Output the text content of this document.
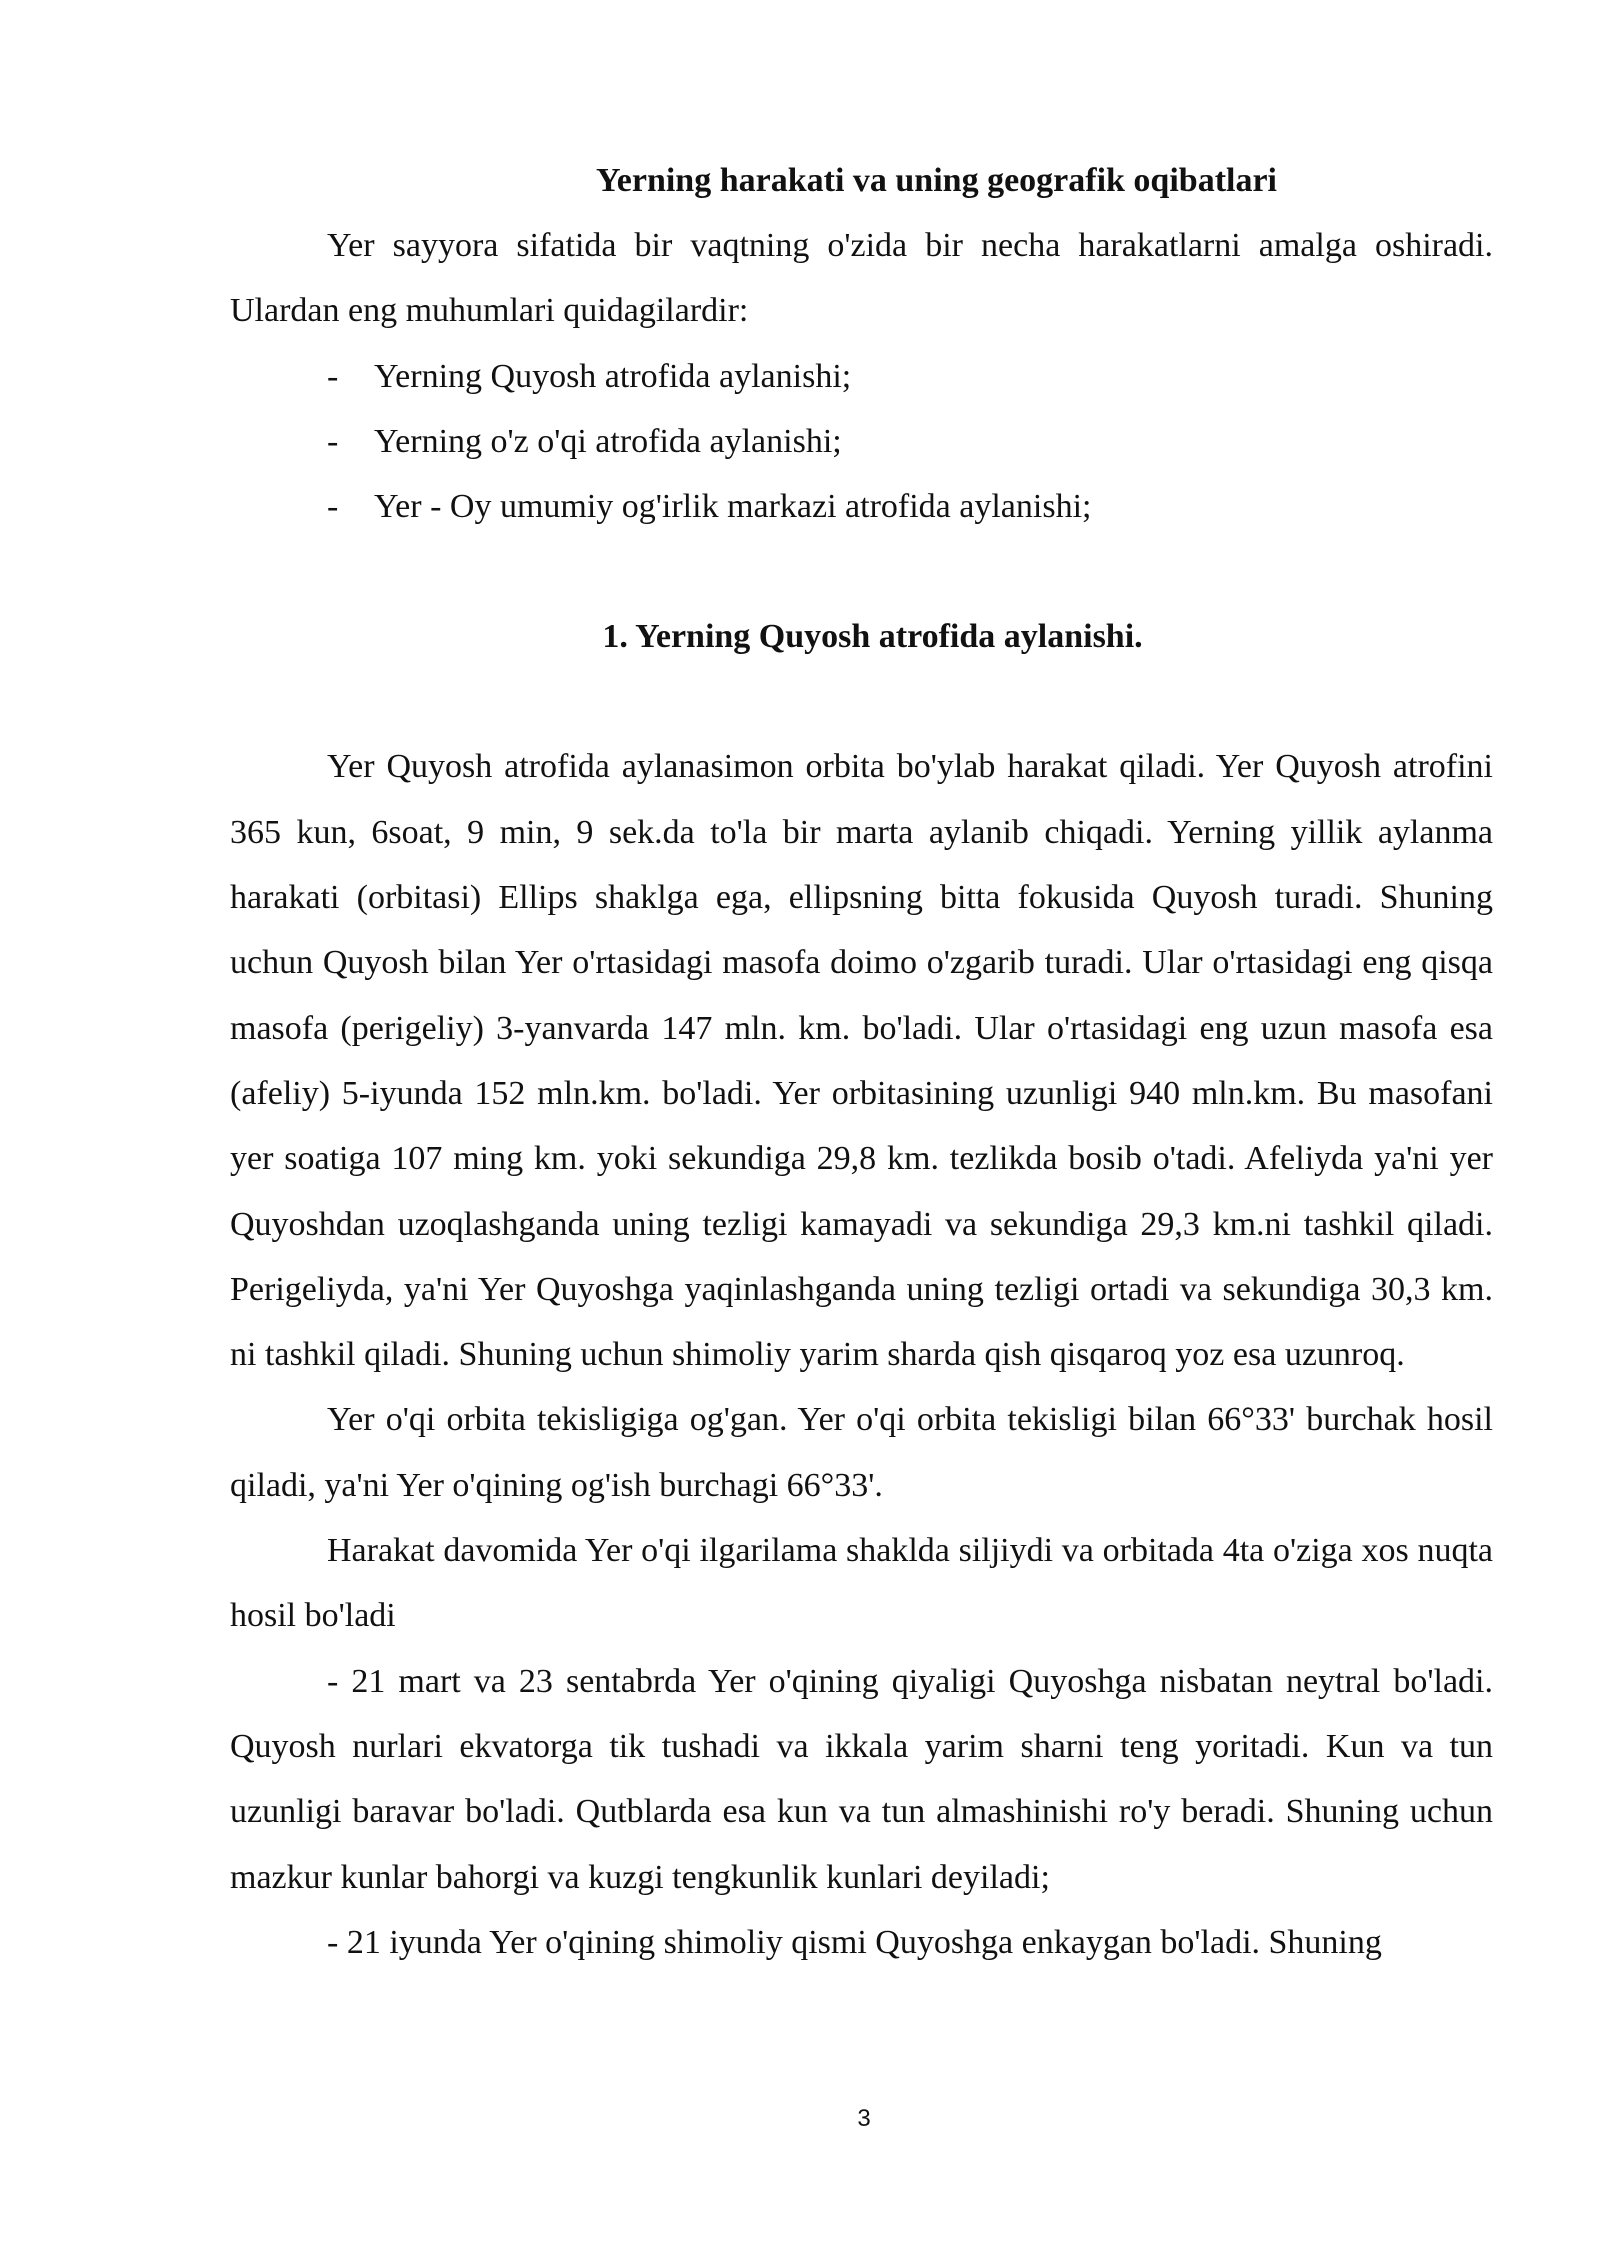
Yerning harakati va uning geografik oqibatlari

Yer sayyora sifatida bir vaqtning o'zida bir necha harakatlarni amalga oshiradi. Ulardan eng muhumlari quidagilardir:

- Yerning Quyosh atrofida aylanishi;
- Yerning o'z o'qi atrofida aylanishi;
- Yer - Oy umumiy og'irlik markazi atrofida aylanishi;
1. Yerning Quyosh atrofida aylanishi.

Yer Quyosh atrofida aylanasimon orbita bo'ylab harakat qiladi. Yer Quyosh atrofini 365 kun, 6soat, 9 min, 9 sek.da to'la bir marta aylanib chiqadi. Yerning yillik aylanma harakati (orbitasi) Ellips shaklga ega, ellipsning bitta fokusida Quyosh turadi. Shuning uchun Quyosh bilan Yer o'rtasidagi masofa doimo o'zgarib turadi. Ular o'rtasidagi eng qisqa masofa (perigeliy) 3-yanvarda 147 mln. km. bo'ladi. Ular o'rtasidagi eng uzun masofa esa (afeliy) 5-iyunda 152 mln.km. bo'ladi. Yer orbitasining uzunligi 940 mln.km. Bu masofani yer soatiga 107 ming km. yoki sekundiga 29,8 km. tezlikda bosib o'tadi. Afeliyda ya'ni yer Quyoshdan uzoqlashganda uning tezligi kamayadi va sekundiga 29,3 km.ni tashkil qiladi. Perigeliyda, ya'ni Yer Quyoshga yaqinlashganda uning tezligi ortadi va sekundiga 30,3 km. ni tashkil qiladi. Shuning uchun shimoliy yarim sharda qish qisqaroq yoz esa uzunroq.

Yer o'qi orbita tekisligiga og'gan. Yer o'qi orbita tekisligi bilan 66°33' burchak hosil qiladi, ya'ni Yer o'qining og'ish burchagi 66°33'.

Harakat davomida Yer o'qi ilgarilama shaklda siljiydi va orbitada 4ta o'ziga xos nuqta hosil bo'ladi

- 21 mart va 23 sentabrda Yer o'qining qiyaligi Quyoshga nisbatan neytral bo'ladi. Quyosh nurlari ekvatorga tik tushadi va ikkala yarim sharni teng yoritadi. Kun va tun uzunligi baravar bo'ladi. Qutblarda esa kun va tun almashinishi ro'y beradi. Shuning uchun mazkur kunlar bahorgi va kuzgi tengkunlik kunlari deyiladi;

- 21 iyunda Yer o'qining shimoliy qismi Quyoshga enkaygan bo'ladi. Shuning

3
